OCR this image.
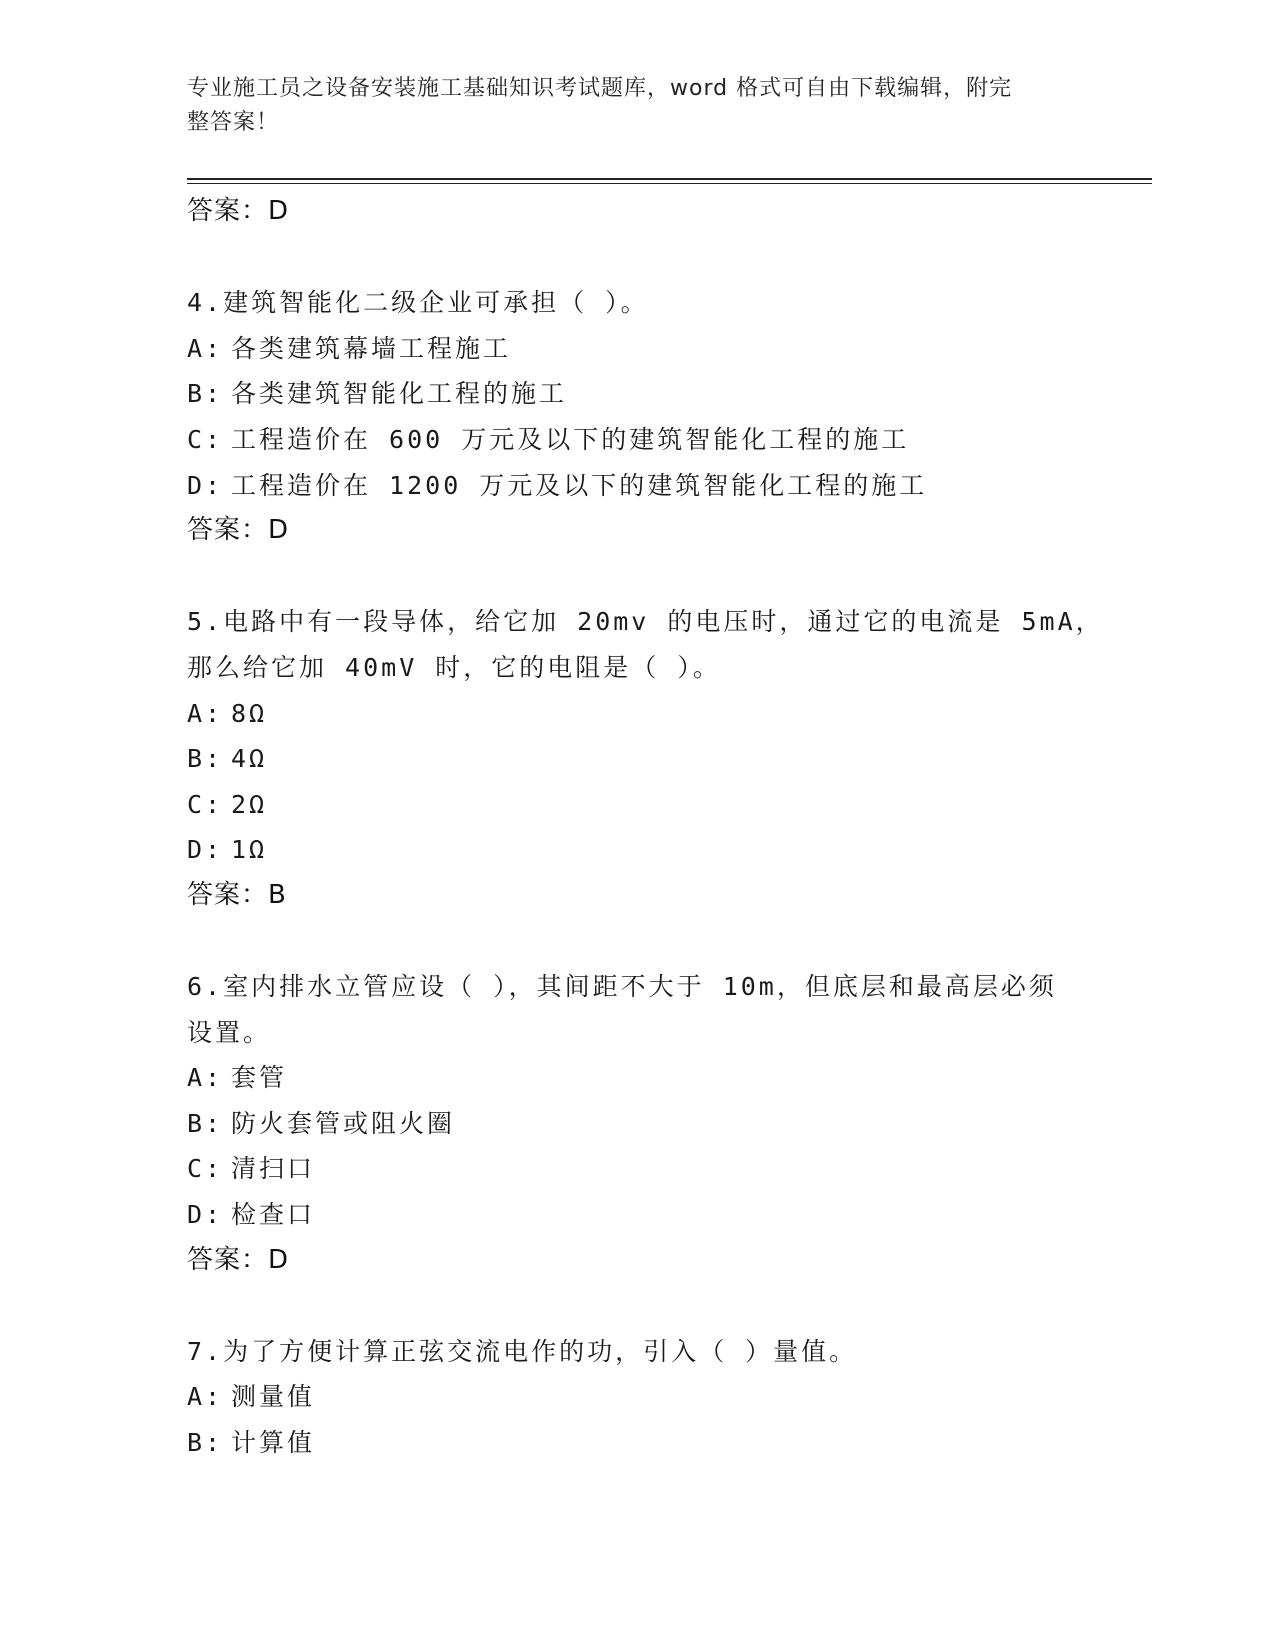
专业施工员之设备安装施工基础知识考试题库，word 格式可自由下载编辑，附完
整答案！
答案：D
4.建筑智能化二级企业可承担（ ）。
A: 各类建筑幕墙工程施工
B: 各类建筑智能化工程的施工
C: 工程造价在 600 万元及以下的建筑智能化工程的施工
D: 工程造价在 1200 万元及以下的建筑智能化工程的施工
答案：D
5.电路中有一段导体，给它加 20mv 的电压时，通过它的电流是 5mA，
那么给它加 40mV 时，它的电阻是（ ）。
A: 8Ω
B: 4Ω
C: 2Ω
D: 1Ω
答案：B
6.室内排水立管应设（ ），其间距不大于 10m，但底层和最高层必须
设置。
A: 套管
B: 防火套管或阻火圈
C: 清扫口
D: 检查口
答案：D
7.为了方便计算正弦交流电作的功，引入（ ）量值。
A: 测量值
B: 计算值
